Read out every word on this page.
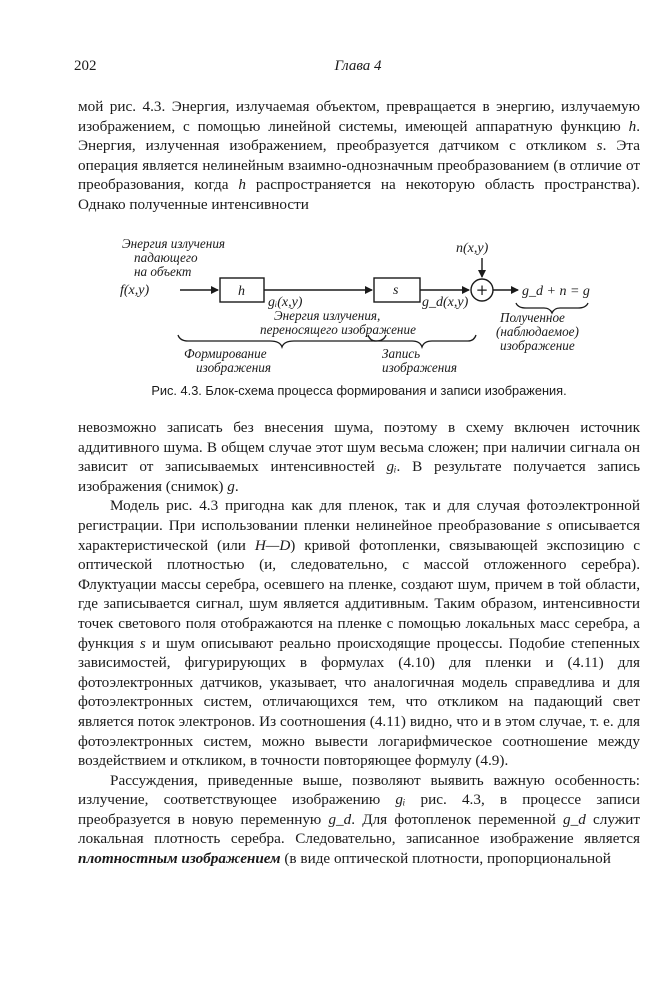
202	Глава 4

мой рис. 4.3. Энергия, излучаемая объектом, превращается в энергию, излучаемую изображением, с помощью линейной системы, имеющей аппаратную функцию h. Энергия, излученная изображением, преобразуется датчиком с откликом s. Эта операция является нелинейным взаимно-однозначным преобразованием (в отличие от преобразования, когда h распространяется на некоторую область пространства). Однако полученные интенсивности

Энергия излучения
падающего
на объект
f(x,y)	h
gᵢ(x,y)
s
g_d(x,y)
n(x,y)
+ g_d + n = g
Энергия излучения,
переносящего изображение
Полученное
(наблюдаемое)
изображение
Формирование
изображения
Запись
изображения
Рис. 4.3. Блок-схема процесса формирования и записи изображения.

невозможно записать без внесения шума, поэтому в схему включен источник аддитивного шума. В общем случае этот шум весьма сложен; при наличии сигнала он зависит от записываемых интенсивностей gᵢ. В результате получается запись изображения (снимок) g.

Модель рис. 4.3 пригодна как для пленок, так и для случая фотоэлектронной регистрации. При использовании пленки нелинейное преобразование s описывается характеристической (или H—D) кривой фотопленки, связывающей экспозицию с оптической плотностью (и, следовательно, с массой отложенного серебра). Флуктуации массы серебра, осевшего на пленке, создают шум, причем в той области, где записывается сигнал, шум является аддитивным. Таким образом, интенсивности точек светового поля отображаются на пленке с помощью локальных масс серебра, а функция s и шум описывают реально происходящие процессы. Подобие степенных зависимостей, фигурирующих в формулах (4.10) для пленки и (4.11) для фотоэлектронных датчиков, указывает, что аналогичная модель справедлива и для фотоэлектронных систем, отличающихся тем, что откликом на падающий свет является поток электронов. Из соотношения (4.11) видно, что и в этом случае, т. е. для фотоэлектронных систем, можно вывести логарифмическое соотношение между воздействием и откликом, в точности повторяющее формулу (4.9).

Рассуждения, приведенные выше, позволяют выявить важную особенность: излучение, соответствующее изображению gᵢ рис. 4.3, в процессе записи преобразуется в новую переменную g_d. Для фотопленок переменной g_d служит локальная плотность серебра. Следовательно, записанное изображение является плотностным изображением (в виде оптической плотности, пропорциональной
